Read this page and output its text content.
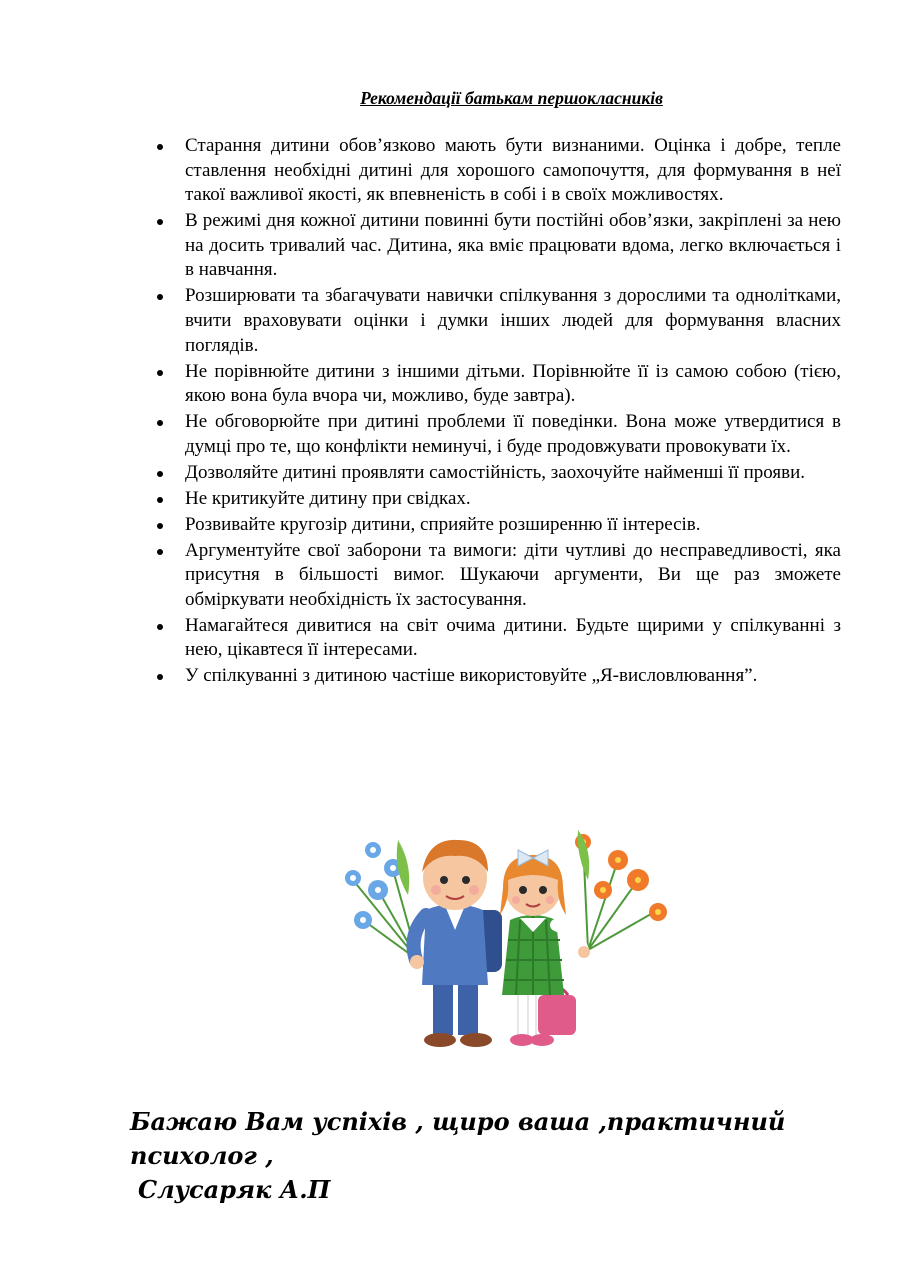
Рекомендації батькам першокласників
Старання дитини обов’язково мають бути визнаними. Оцінка і добре, тепле ставлення необхідні дитині для хорошого самопочуття, для формування в неї такої важливої якості, як впевненість в собі і в своїх можливостях.
В режимі дня кожної дитини повинні бути постійні обов’язки, закріплені за нею на досить тривалий час. Дитина, яка вміє працювати вдома, легко включається і в навчання.
Розширювати та збагачувати навички спілкування з дорослими та однолітками, вчити враховувати оцінки і думки інших людей для формування власних поглядів.
Не порівнюйте дитини з іншими дітьми. Порівнюйте її із самою собою (тією, якою вона була вчора чи, можливо, буде завтра).
Не обговорюйте при дитині проблеми її поведінки. Вона може утвердитися в думці про те, що конфлікти неминучі, і буде продовжувати провокувати їх.
Дозволяйте дитині проявляти самостійність, заохочуйте найменші її прояви.
Не критикуйте дитину при свідках.
Розвивайте кругозір дитини, сприяйте розширенню її інтересів.
Аргументуйте свої заборони та вимоги: діти чутливі до несправедливості, яка присутня в більшості вимог. Шукаючи аргументи, Ви ще раз зможете обміркувати необхідність їх застосування.
Намагайтеся дивитися на світ очима дитини. Будьте щирими у спілкуванні з нею, цікавтеся її інтересами.
У спілкуванні з дитиною частіше використовуйте „Я-висловлювання”.
Бажаю Вам успіхів , щиро ваша ,практичний психолог ,
Слусаряк А.П
